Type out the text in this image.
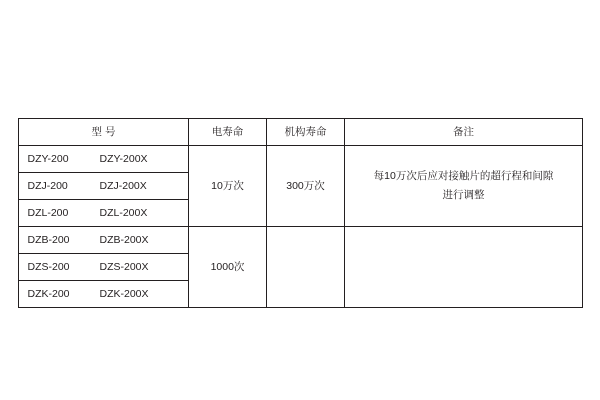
型 号	电寿命	机构寿命	备注
DZY-200 DZY-200X	10万次	300万次	每10万次后应对接触片的超行程和间隙
进行调整

DZJ-200 DZJ-200X			
DZL-200 DZL-200X			
DZB-200 DZB-200X	1000次		
DZS-200 DZS-200X			
DZK-200 DZK-200X			
